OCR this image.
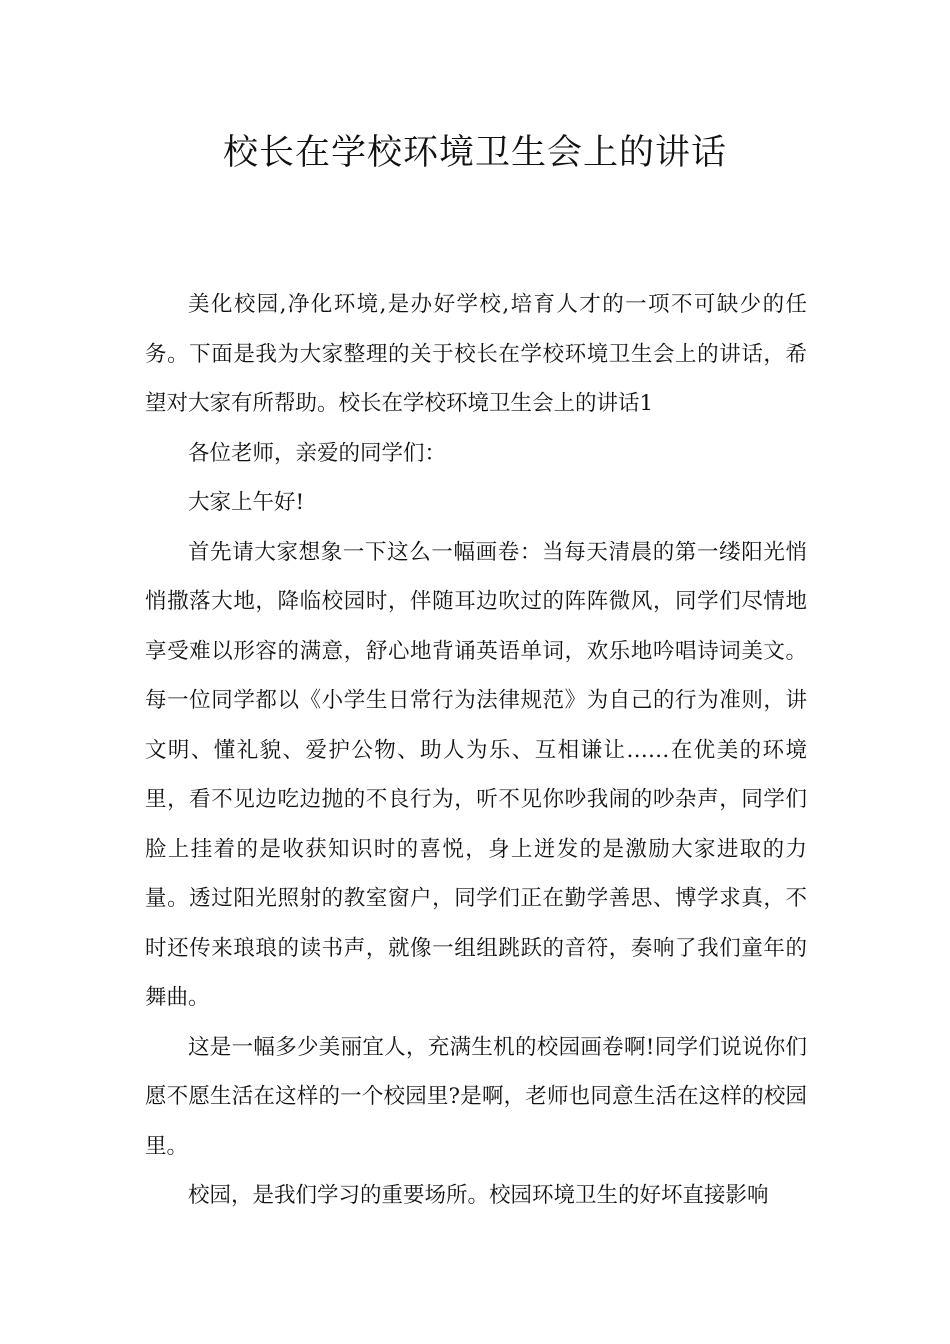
校长在学校环境卫生会上的讲话

美化校园,净化环境,是办好学校,培育人才的一项不可缺少的任务。下面是我为大家整理的关于校长在学校环境卫生会上的讲话，希望对大家有所帮助。校长在学校环境卫生会上的讲话1

各位老师，亲爱的同学们：

大家上午好!

首先请大家想象一下这么一幅画卷：当每天清晨的第一缕阳光悄悄撒落大地，降临校园时，伴随耳边吹过的阵阵微风，同学们尽情地享受难以形容的满意，舒心地背诵英语单词，欢乐地吟唱诗词美文。每一位同学都以《小学生日常行为法律规范》为自己的行为准则，讲文明、懂礼貌、爱护公物、助人为乐、互相谦让……在优美的环境里，看不见边吃边抛的不良行为，听不见你吵我闹的吵杂声，同学们脸上挂着的是收获知识时的喜悦，身上迸发的是激励大家进取的力量。透过阳光照射的教室窗户，同学们正在勤学善思、博学求真，不时还传来琅琅的读书声，就像一组组跳跃的音符，奏响了我们童年的舞曲。

这是一幅多少美丽宜人，充满生机的校园画卷啊!同学们说说你们愿不愿生活在这样的一个校园里?是啊，老师也同意生活在这样的校园里。

校园，是我们学习的重要场所。校园环境卫生的好坏直接影响
